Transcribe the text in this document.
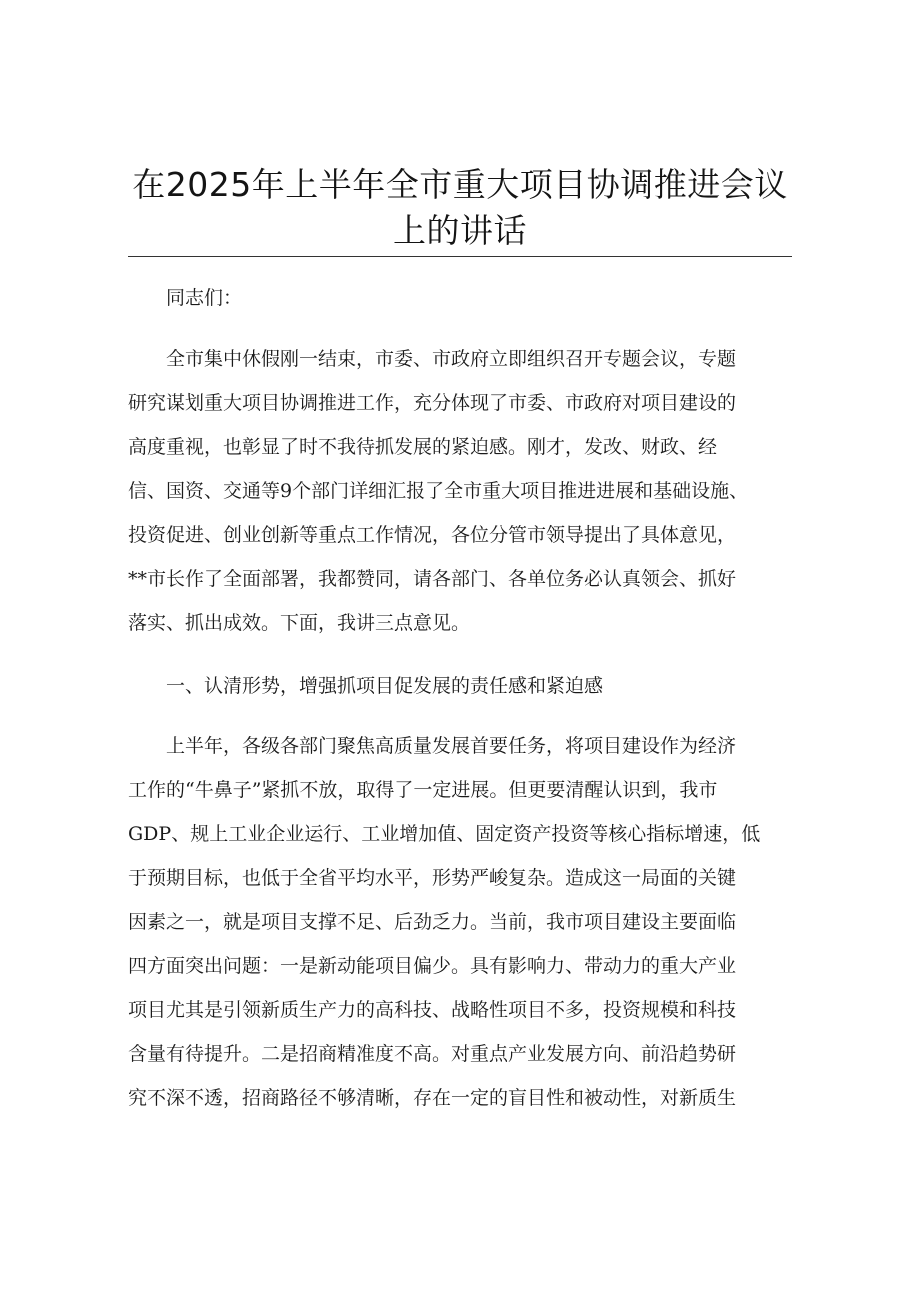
在2025年上半年全市重大项目协调推进会议
上的讲话
同志们：
全市集中休假刚一结束，市委、市政府立即组织召开专题会议，专题
研究谋划重大项目协调推进工作，充分体现了市委、市政府对项目建设的
高度重视，也彰显了时不我待抓发展的紧迫感。刚才，发改、财政、经
信、国资、交通等9个部门详细汇报了全市重大项目推进进展和基础设施、
投资促进、创业创新等重点工作情况，各位分管市领导提出了具体意见，
**市长作了全面部署，我都赞同，请各部门、各单位务必认真领会、抓好
落实、抓出成效。下面，我讲三点意见。
一、认清形势，增强抓项目促发展的责任感和紧迫感
上半年，各级各部门聚焦高质量发展首要任务，将项目建设作为经济
工作的“牛鼻子”紧抓不放，取得了一定进展。但更要清醒认识到，我市
GDP、规上工业企业运行、工业增加值、固定资产投资等核心指标增速，低
于预期目标，也低于全省平均水平，形势严峻复杂。造成这一局面的关键
因素之一，就是项目支撑不足、后劲乏力。当前，我市项目建设主要面临
四方面突出问题：一是新动能项目偏少。具有影响力、带动力的重大产业
项目尤其是引领新质生产力的高科技、战略性项目不多，投资规模和科技
含量有待提升。二是招商精准度不高。对重点产业发展方向、前沿趋势研
究不深不透，招商路径不够清晰，存在一定的盲目性和被动性，对新质生
